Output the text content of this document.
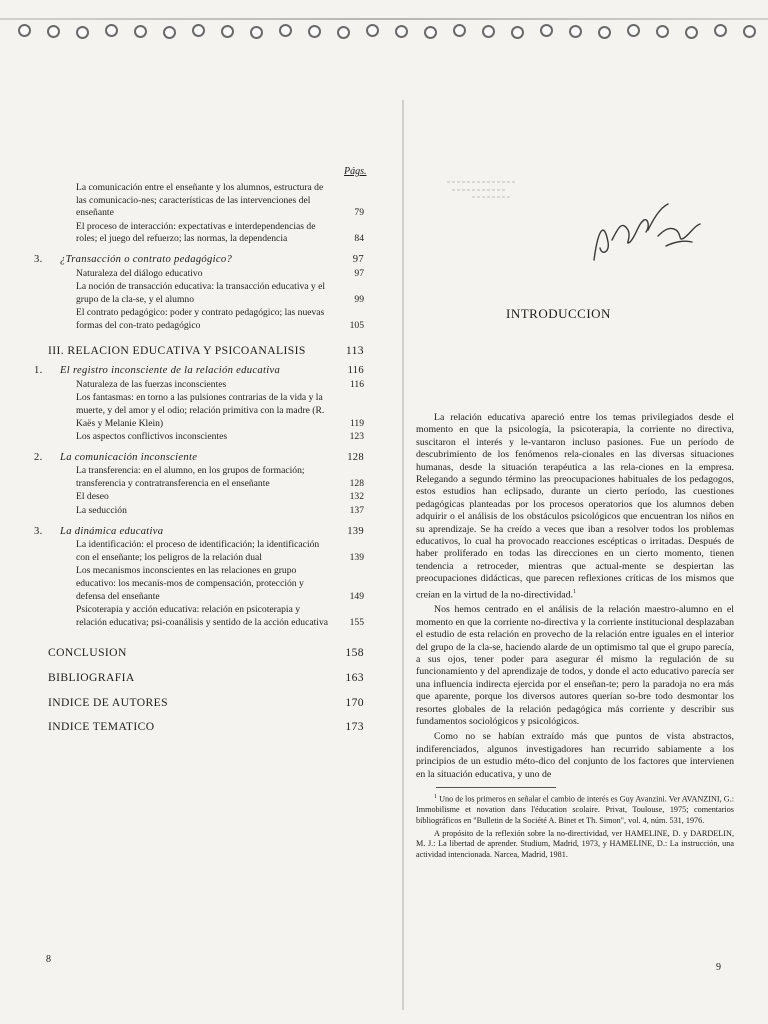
Págs.
La comunicación entre el enseñante y los alumnos, estructura de las comunicacio-nes; características de las intervenciones del enseñante	79
El proceso de interacción: expectativas e interdependencias de roles; el juego del refuerzo; las normas, la dependencia	84
3. ¿Transacción o contrato pedagógico?	97
Naturaleza del diálogo educativo	97
La noción de transacción educativa: la transacción educativa y el grupo de la cla-se, y el alumno	99
El contrato pedagógico: poder y contrato pedagógico; las nuevas formas del con-trato pedagógico	105
III. RELACION EDUCATIVA Y PSICOANALISIS	113
1. El registro inconsciente de la relación educativa	116
Naturaleza de las fuerzas inconscientes	116
Los fantasmas: en torno a las pulsiones contrarias de la vida y la muerte, y del amor y el odio; relación primitiva con la madre (R. Kaës y Melanie Klein)	119
Los aspectos conflictivos inconscientes	123
2. La comunicación inconsciente	128
La transferencia: en el alumno, en los grupos de formación; transferencia y contratransferencia en el enseñante	128
El deseo	132
La seducción	137
3. La dinámica educativa	139
La identificación: el proceso de identificación; la identificación con el enseñante; los peligros de la relación dual	139
Los mecanismos inconscientes en las relaciones en grupo educativo: los mecanis-mos de compensación, protección y defensa del enseñante	149
Psicoterapia y acción educativa: relación en psicoterapia y relación educativa; psi-coanálisis y sentido de la acción educativa	155
CONCLUSION	158
BIBLIOGRAFIA	163
INDICE DE AUTORES	170
INDICE TEMATICO	173
8
INTRODUCCION

La relación educativa apareció entre los temas privilegiados desde el momento en que la psicología, la psicoterapia, la corriente no directiva, suscitaron el interés y le-vantaron incluso pasiones. Fue un período de descubrimiento de los fenómenos rela-cionales en las diversas situaciones humanas, desde la situación terapéutica a las rela-ciones en la empresa. Relegando a segundo término las preocupaciones habituales de los pedagogos, estos estudios han eclipsado, durante un cierto período, las cuestiones pedagógicas planteadas por los procesos operatorios que los alumnos deben adquirir o el análisis de los obstáculos psicológicos que encuentran los niños en su aprendizaje. Se ha creído a veces que iban a resolver todos los problemas educativos, lo cual ha provocado reacciones escépticas o irritadas. Después de haber proliferado en todas las direcciones en un cierto momento, tienen tendencia a retroceder, mientras que actual-mente se despiertan las preocupaciones didácticas, que parecen reflexiones críticas de los mismos que creían en la virtud de la no-directividad.$^1$

Nos hemos centrado en el análisis de la relación maestro-alumno en el momento en que la corriente no-directiva y la corriente institucional desplazaban el estudio de esta relación en provecho de la relación entre iguales en el interior del grupo de la cla-se, haciendo alarde de un optimismo tal que el grupo parecía, a sus ojos, tener poder para asegurar él mismo la regulación de su funcionamiento y del aprendizaje de todos, y donde el acto educativo parecía ser una influencia indirecta ejercida por el enseñan-te; pero la paradoja no era más que aparente, porque los diversos autores querían so-bre todo desmontar los resortes globales de la relación pedagógica más corriente y describir sus fundamentos sociológicos y psicológicos.

Como no se habían extraído más que puntos de vista abstractos, indiferenciados, algunos investigadores han recurrido sabiamente a los principios de un estudio méto-dico del conjunto de los factores que intervienen en la situación educativa, y uno de

$^1$ Uno de los primeros en señalar el cambio de interés es Guy Avanzini. Ver AVANZINI, G.: Immobilisme et novation dans l'éducation scolaire. Privat, Toulouse, 1975; comentarios bibliográficos en "Bulletin de la Société A. Binet et Th. Simon", vol. 4, núm. 531, 1976.

A propósito de la reflexión sobre la no-directividad, ver HAMELINE, D. y DARDELIN, M. J.: La libertad de aprender. Studium, Madrid, 1973, y HAMELINE, D.: La instrucción, una actividad intencionada. Narcea, Madrid, 1981.

9
